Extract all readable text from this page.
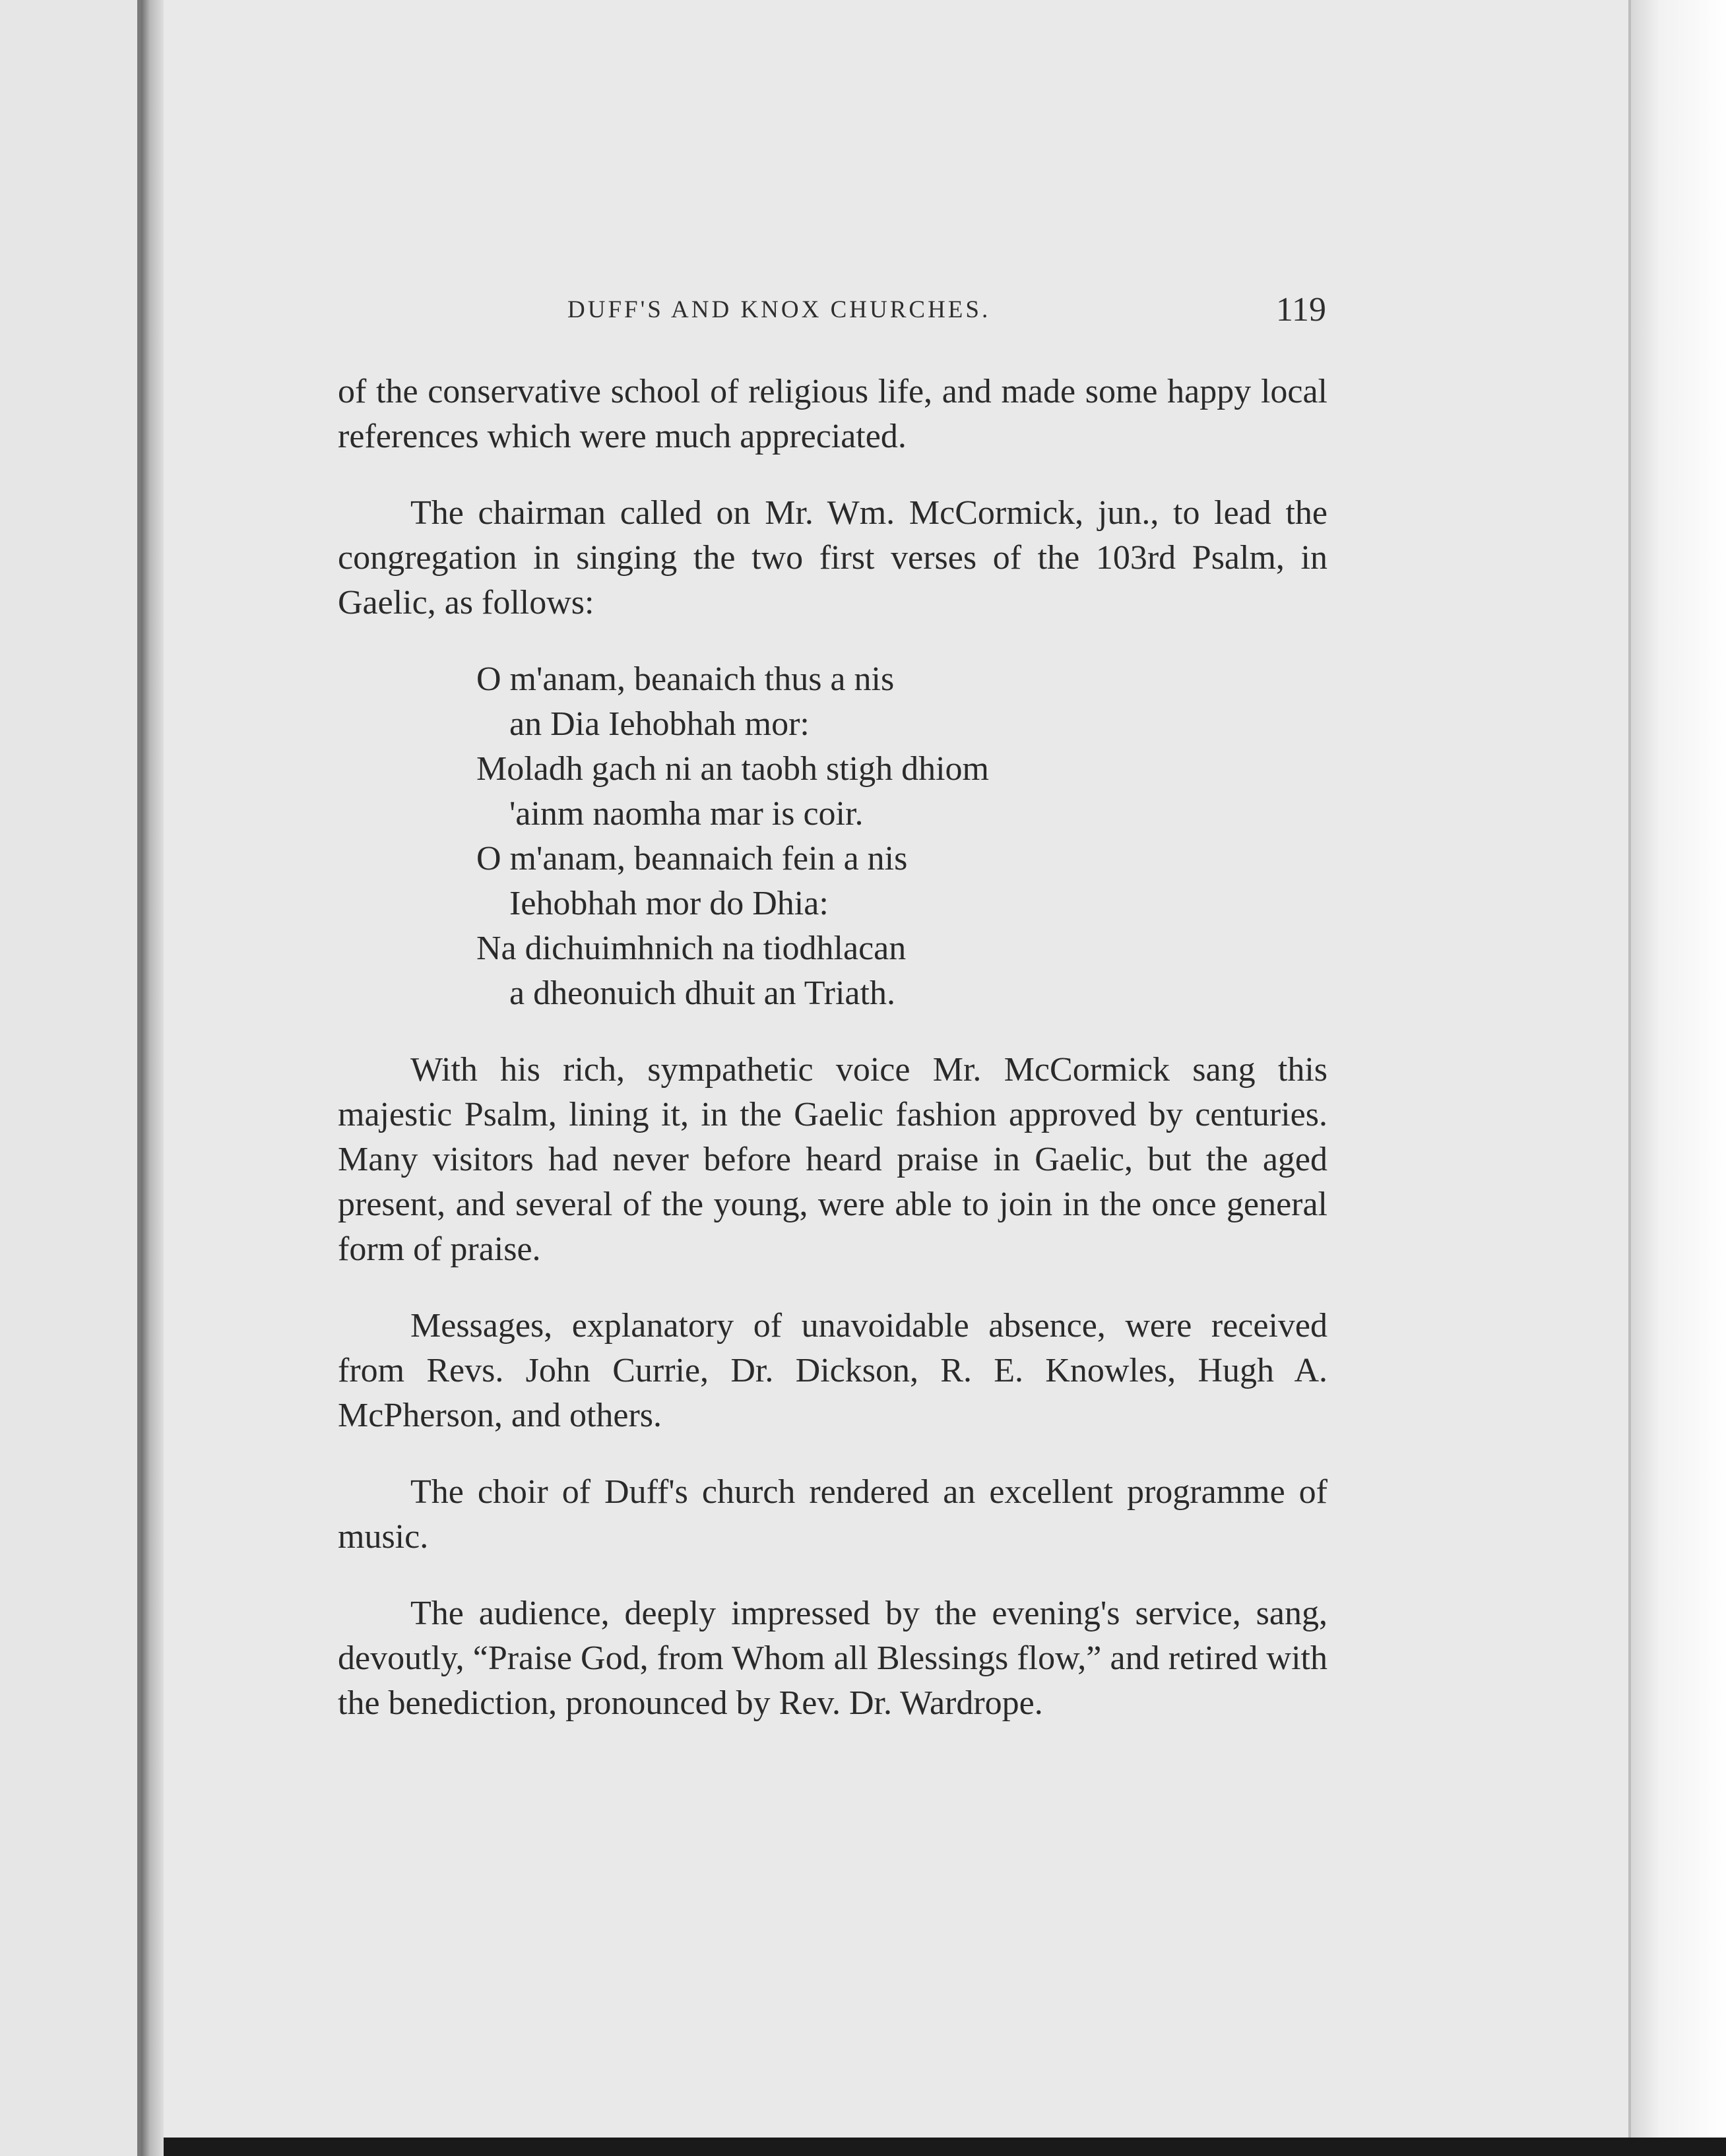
DUFF'S AND KNOX CHURCHES.	119

of the conservative school of religious life, and made some happy local references which were much appreciated.

The chairman called on Mr. Wm. McCormick, jun., to lead the congregation in singing the two first verses of the 103rd Psalm, in Gaelic, as follows:

O m'anam, beanaich thus a nis
an Dia Iehobhah mor:
Moladh gach ni an taobh stigh dhiom
'ainm naomha mar is coir.
O m'anam, beannaich fein a nis
Iehobhah mor do Dhia:
Na dichuimhnich na tiodhlacan
a dheonuich dhuit an Triath.

With his rich, sympathetic voice Mr. McCormick sang this majestic Psalm, lining it, in the Gaelic fashion approved by centuries. Many visitors had never before heard praise in Gaelic, but the aged present, and several of the young, were able to join in the once general form of praise.

Messages, explanatory of unavoidable absence, were received from Revs. John Currie, Dr. Dickson, R. E. Knowles, Hugh A. McPherson, and others.

The choir of Duff's church rendered an excellent programme of music.

The audience, deeply impressed by the evening's service, sang, devoutly, “Praise God, from Whom all Blessings flow,” and retired with the benediction, pronounced by Rev. Dr. Wardrope.
